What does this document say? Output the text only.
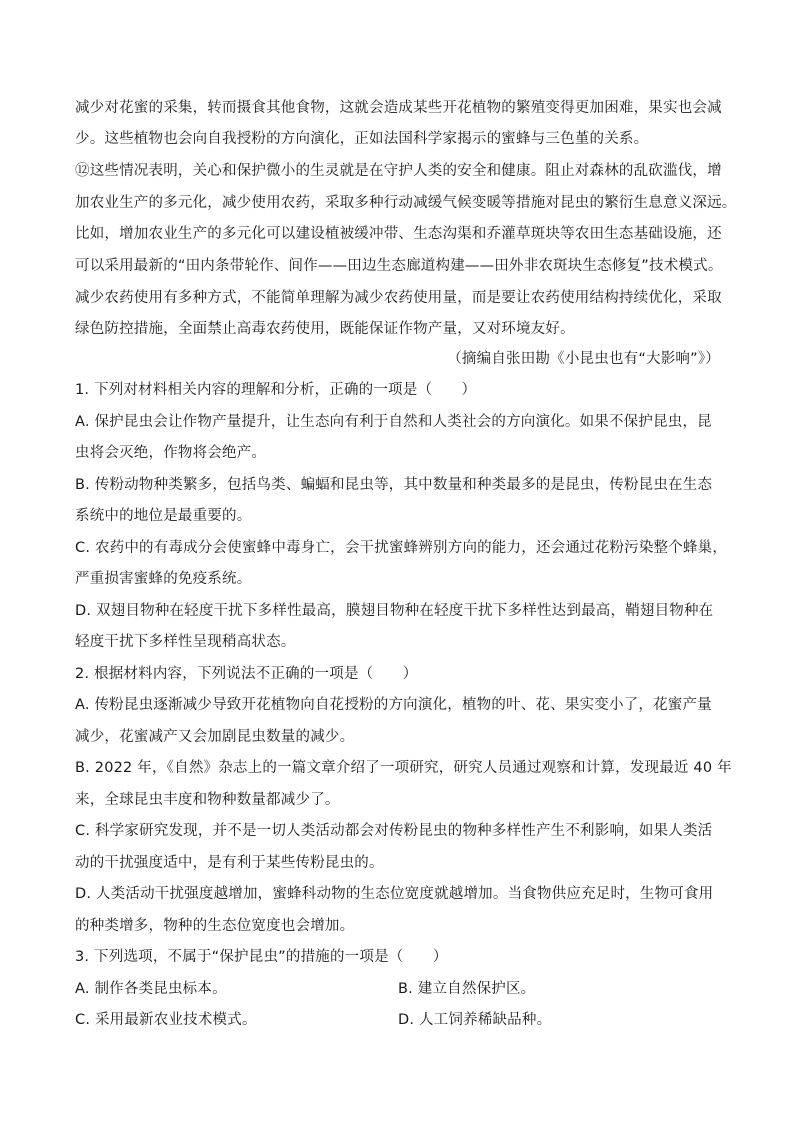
减少对花蜜的采集，转而摄食其他食物，这就会造成某些开花植物的繁殖变得更加困难，果实也会减
少。这些植物也会向自我授粉的方向演化，正如法国科学家揭示的蜜蜂与三色堇的关系。
⑫这些情况表明，关心和保护微小的生灵就是在守护人类的安全和健康。阻止对森林的乱砍滥伐，增
加农业生产的多元化，减少使用农药，采取多种行动减缓气候变暖等措施对昆虫的繁衍生息意义深远。
比如，增加农业生产的多元化可以建设植被缓冲带、生态沟渠和乔灌草斑块等农田生态基础设施，还
可以采用最新的“田内条带轮作、间作——田边生态廊道构建——田外非农斑块生态修复”技术模式。
减少农药使用有多种方式，不能简单理解为减少农药使用量，而是要让农药使用结构持续优化，采取
绿色防控措施，全面禁止高毒农药使用，既能保证作物产量，又对环境友好。
（摘编自张田勘《小昆虫也有“大影响”》）
1. 下列对材料相关内容的理解和分析，正确的一项是（　　）
A. 保护昆虫会让作物产量提升，让生态向有利于自然和人类社会的方向演化。如果不保护昆虫，昆
虫将会灭绝，作物将会绝产。
B. 传粉动物种类繁多，包括鸟类、蝙蝠和昆虫等，其中数量和种类最多的是昆虫，传粉昆虫在生态
系统中的地位是最重要的。
C. 农药中的有毒成分会使蜜蜂中毒身亡，会干扰蜜蜂辨别方向的能力，还会通过花粉污染整个蜂巢，
严重损害蜜蜂的免疫系统。
D. 双翅目物种在轻度干扰下多样性最高，膜翅目物种在轻度干扰下多样性达到最高，鞘翅目物种在
轻度干扰下多样性呈现稍高状态。
2. 根据材料内容，下列说法不正确的一项是（　　）
A. 传粉昆虫逐渐减少导致开花植物向自花授粉的方向演化，植物的叶、花、果实变小了，花蜜产量
减少，花蜜减产又会加剧昆虫数量的减少。
B. 2022 年，《自然》杂志上的一篇文章介绍了一项研究，研究人员通过观察和计算，发现最近 40 年
来，全球昆虫丰度和物种数量都减少了。
C. 科学家研究发现，并不是一切人类活动都会对传粉昆虫的物种多样性产生不利影响，如果人类活
动的干扰强度适中，是有利于某些传粉昆虫的。
D. 人类活动干扰强度越增加，蜜蜂科动物的生态位宽度就越增加。当食物供应充足时，生物可食用
的种类增多，物种的生态位宽度也会增加。
3. 下列选项，不属于“保护昆虫”的措施的一项是（　　）
A. 制作各类昆虫标本。	B. 建立自然保护区。
C. 采用最新农业技术模式。	D. 人工饲养稀缺品种。
